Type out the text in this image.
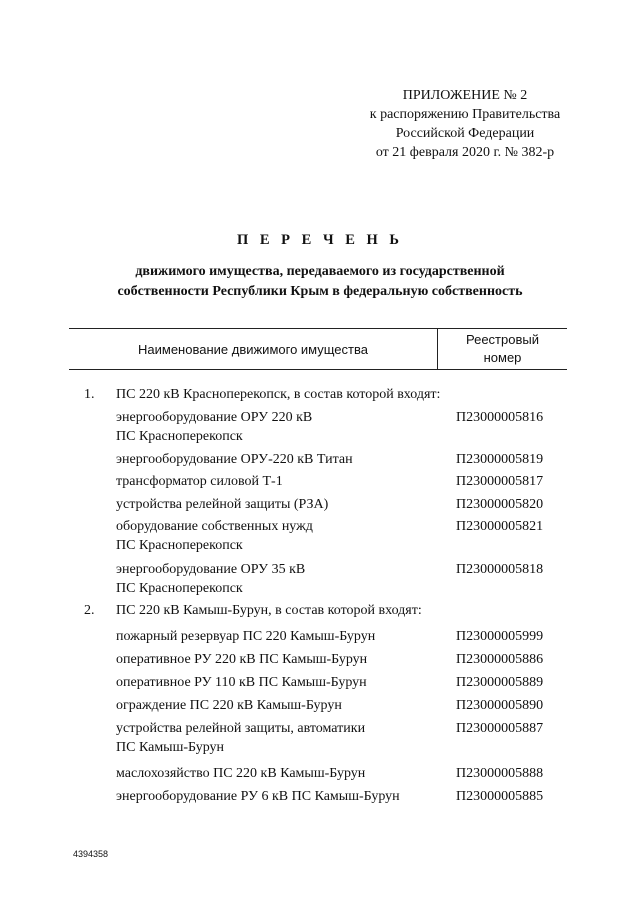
ПРИЛОЖЕНИЕ № 2
к распоряжению Правительства
Российской Федерации
от 21 февраля 2020 г. № 382-р
П Е Р Е Ч Е Н Ь
движимого имущества, передаваемого из государственной
собственности Республики Крым в федеральную собственность
Наименование движимого имущества
Реестровый
номер
1. ПС 220 кВ Красноперекопск, в состав которой входят:
энергооборудование ОРУ 220 кВ
ПС Красноперекопск
П23000005816
энергооборудование ОРУ-220 кВ Титан	П23000005819
трансформатор силовой Т-1	П23000005817
устройства релейной защиты (РЗА)	П23000005820
оборудование собственных нужд
ПС Красноперекопск
П23000005821
энергооборудование ОРУ 35 кВ
ПС Красноперекопск
П23000005818
2. ПС 220 кВ Камыш-Бурун, в состав которой входят:
пожарный резервуар ПС 220 Камыш-Бурун	П23000005999
оперативное РУ 220 кВ ПС Камыш-Бурун	П23000005886
оперативное РУ 110 кВ ПС Камыш-Бурун	П23000005889
ограждение ПС 220 кВ Камыш-Бурун	П23000005890
устройства релейной защиты, автоматики
ПС Камыш-Бурун
П23000005887
маслохозяйство ПС 220 кВ Камыш-Бурун	П23000005888
энергооборудование РУ 6 кВ ПС Камыш-Бурун	П23000005885
4394358
